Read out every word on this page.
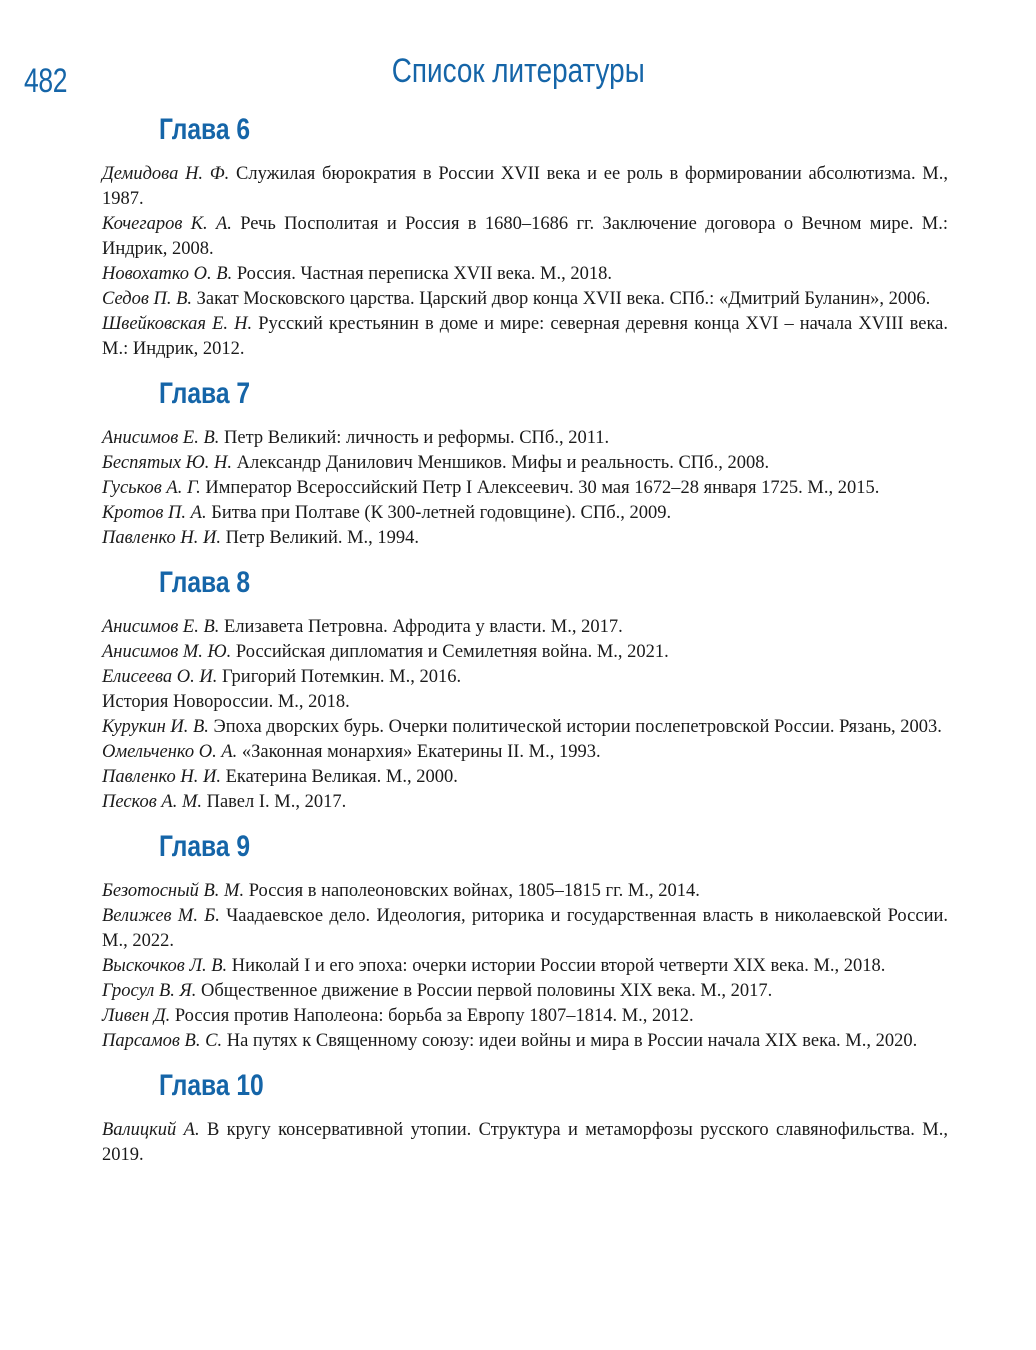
482	Список литературы
Глава 6
Демидова Н. Ф. Служилая бюрократия в России XVII века и ее роль в формировании абсолютизма. М., 1987.
Кочегаров К. А. Речь Посполитая и Россия в 1680–1686 гг. Заключение договора о Вечном мире. М.: Индрик, 2008.
Новохатко О. В. Россия. Частная переписка XVII века. М., 2018.
Седов П. В. Закат Московского царства. Царский двор конца XVII века. СПб.: «Дмитрий Буланин», 2006.
Швейковская Е. Н. Русский крестьянин в доме и мире: северная деревня конца XVI – начала XVIII века. М.: Индрик, 2012.
Глава 7
Анисимов Е. В. Петр Великий: личность и реформы. СПб., 2011.
Беспятых Ю. Н. Александр Данилович Меншиков. Мифы и реальность. СПб., 2008.
Гуськов А. Г. Император Всероссийский Петр I Алексеевич. 30 мая 1672–28 января 1725. М., 2015.
Кротов П. А. Битва при Полтаве (К 300-летней годовщине). СПб., 2009.
Павленко Н. И. Петр Великий. М., 1994.
Глава 8
Анисимов Е. В. Елизавета Петровна. Афродита у власти. М., 2017.
Анисимов М. Ю. Российская дипломатия и Семилетняя война. М., 2021.
Елисеева О. И. Григорий Потемкин. М., 2016.
История Новороссии. М., 2018.
Курукин И. В. Эпоха дворских бурь. Очерки политической истории послепетровской России. Рязань, 2003.
Омельченко О. А. «Законная монархия» Екатерины II. М., 1993.
Павленко Н. И. Екатерина Великая. М., 2000.
Песков А. М. Павел I. М., 2017.
Глава 9
Безотосный В. М. Россия в наполеоновских войнах, 1805–1815 гг. М., 2014.
Велижев М. Б. Чаадаевское дело. Идеология, риторика и государственная власть в николаевской России. М., 2022.
Выскочков Л. В. Николай I и его эпоха: очерки истории России второй четверти XIX века. М., 2018.
Гросул В. Я. Общественное движение в России первой половины XIX века. М., 2017.
Ливен Д. Россия против Наполеона: борьба за Европу 1807–1814. М., 2012.
Парсамов В. С. На путях к Священному союзу: идеи войны и мира в России начала XIX века. М., 2020.
Глава 10
Валицкий А. В кругу консервативной утопии. Структура и метаморфозы русского славянофильства. М., 2019.
